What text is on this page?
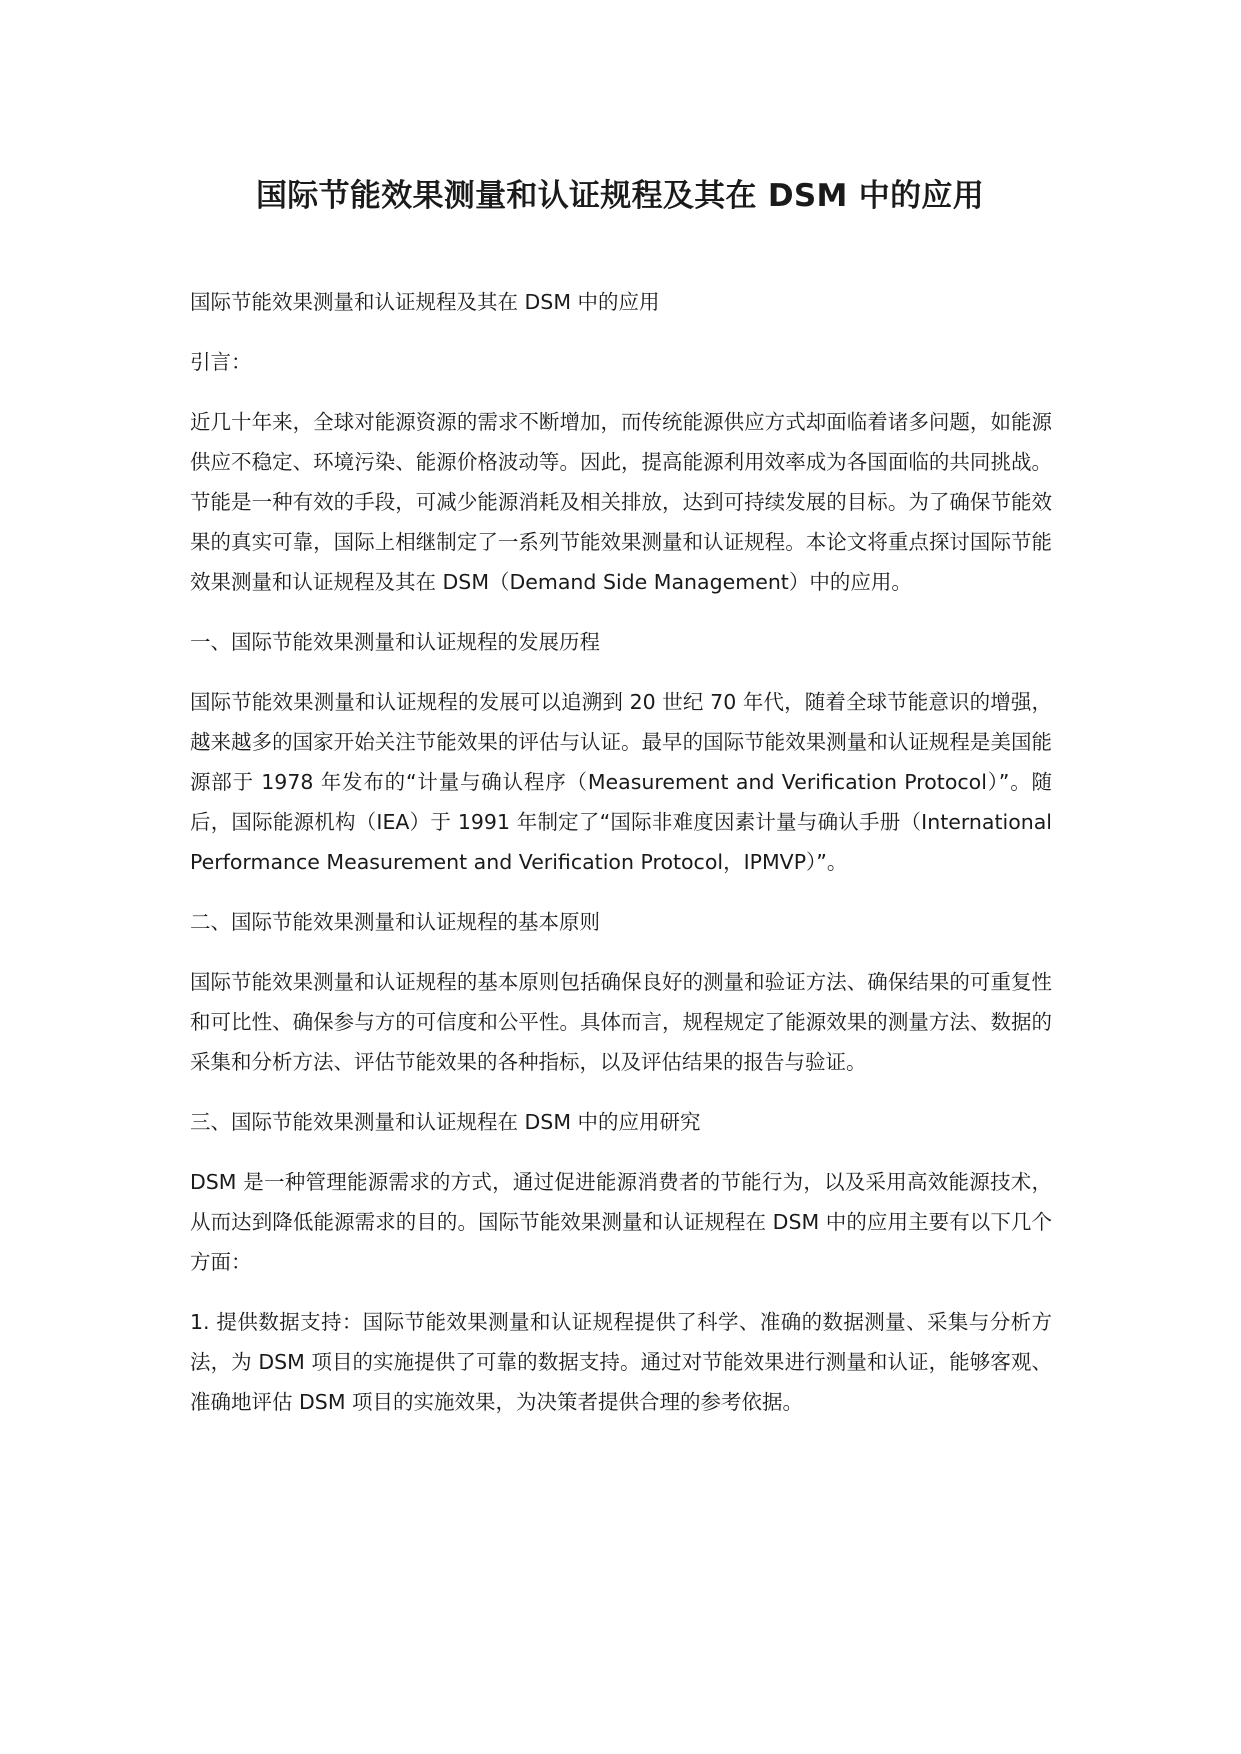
国际节能效果测量和认证规程及其在 DSM 中的应用

国际节能效果测量和认证规程及其在 DSM 中的应用

引言：

近几十年来，全球对能源资源的需求不断增加，而传统能源供应方式却面临着诸多问题，如能源供应不稳定、环境污染、能源价格波动等。因此，提高能源利用效率成为各国面临的共同挑战。节能是一种有效的手段，可减少能源消耗及相关排放，达到可持续发展的目标。为了确保节能效果的真实可靠，国际上相继制定了一系列节能效果测量和认证规程。本论文将重点探讨国际节能效果测量和认证规程及其在 DSM（Demand Side Management）中的应用。

一、国际节能效果测量和认证规程的发展历程

国际节能效果测量和认证规程的发展可以追溯到 20 世纪 70 年代，随着全球节能意识的增强，越来越多的国家开始关注节能效果的评估与认证。最早的国际节能效果测量和认证规程是美国能源部于 1978 年发布的“计量与确认程序（Measurement and Verification Protocol）”。随后，国际能源机构（IEA）于 1991 年制定了“国际非难度因素计量与确认手册（International Performance Measurement and Verification Protocol，IPMVP）”。

二、国际节能效果测量和认证规程的基本原则

国际节能效果测量和认证规程的基本原则包括确保良好的测量和验证方法、确保结果的可重复性和可比性、确保参与方的可信度和公平性。具体而言，规程规定了能源效果的测量方法、数据的采集和分析方法、评估节能效果的各种指标，以及评估结果的报告与验证。

三、国际节能效果测量和认证规程在 DSM 中的应用研究

DSM 是一种管理能源需求的方式，通过促进能源消费者的节能行为，以及采用高效能源技术，从而达到降低能源需求的目的。国际节能效果测量和认证规程在 DSM 中的应用主要有以下几个方面：

1. 提供数据支持：国际节能效果测量和认证规程提供了科学、准确的数据测量、采集与分析方法，为 DSM 项目的实施提供了可靠的数据支持。通过对节能效果进行测量和认证，能够客观、准确地评估 DSM 项目的实施效果，为决策者提供合理的参考依据。
